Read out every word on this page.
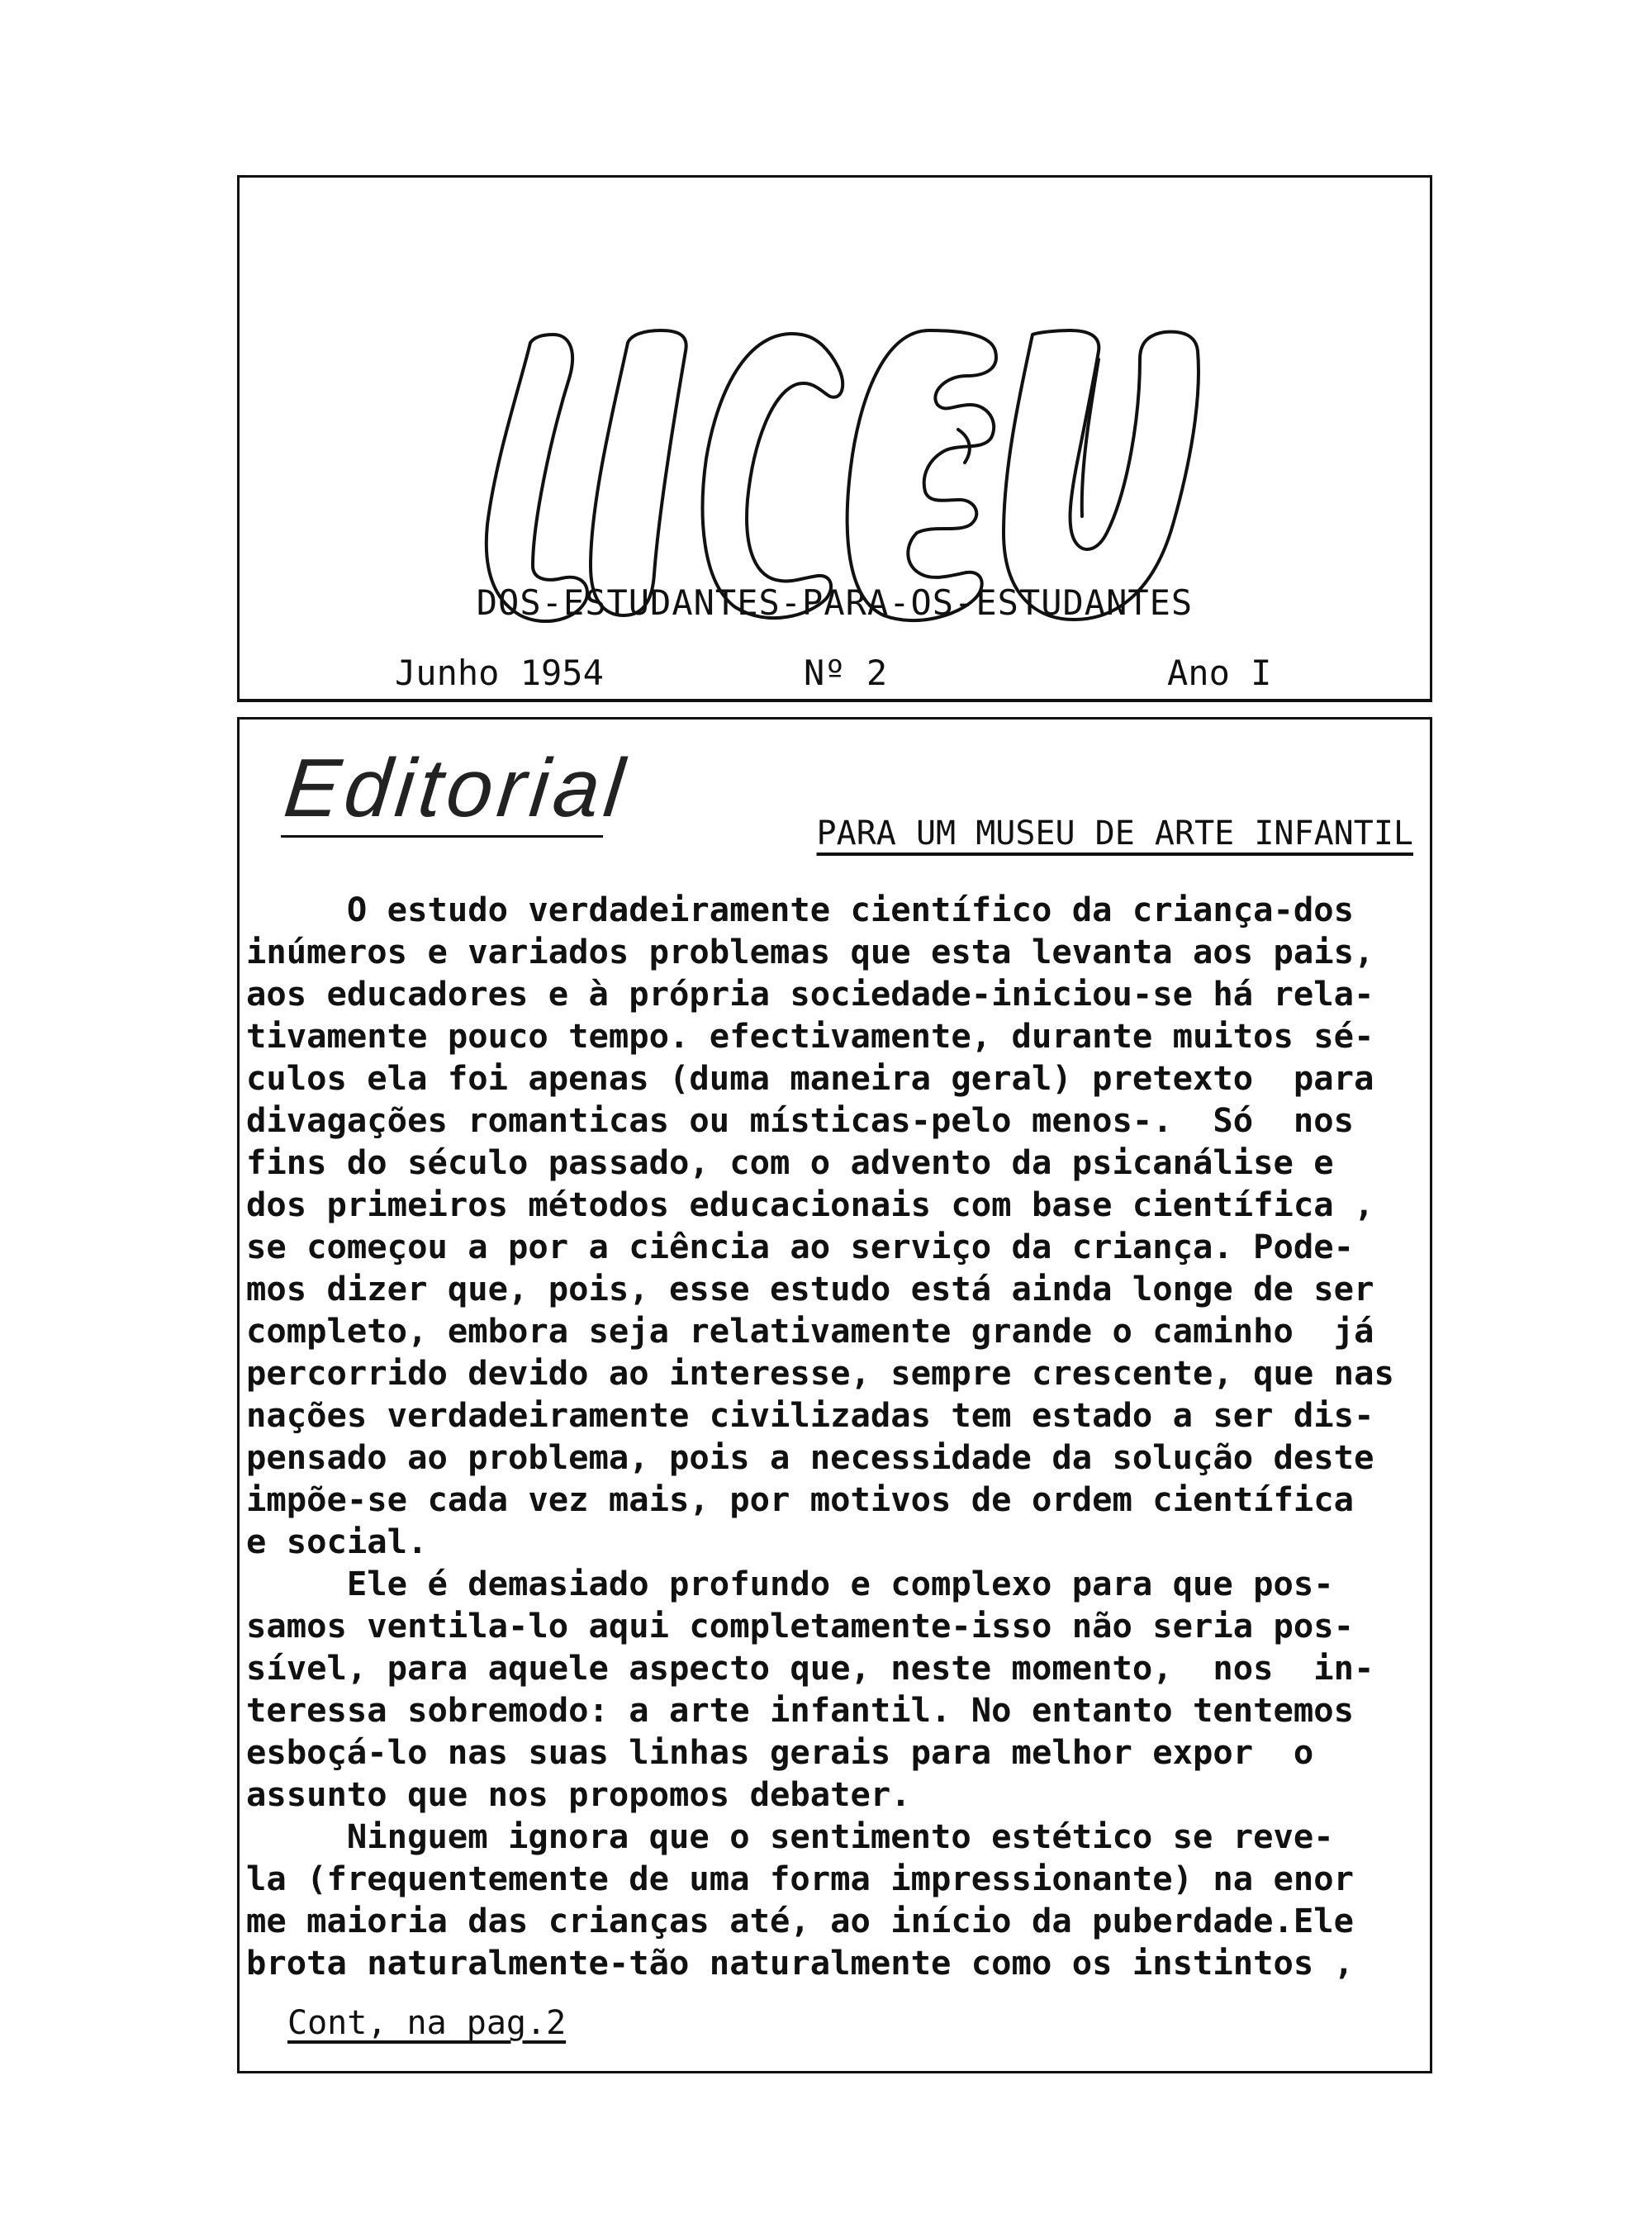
DOS-ESTUDANTES-PARA-OS-ESTUDANTES
Junho 1954	Nº 2	Ano I
Editorial	PARA UM MUSEU DE ARTE INFANTIL
O estudo verdadeiramente científico da criança-dos
inúmeros e variados problemas que esta levanta aos pais,
aos educadores e à própria sociedade-iniciou-se há rela-
tivamente pouco tempo. efectivamente, durante muitos sé-
culos ela foi apenas (duma maneira geral) pretexto  para
divagações romanticas ou místicas-pelo menos-.  Só  nos
fins do século passado, com o advento da psicanálise e
dos primeiros métodos educacionais com base científica ,
se começou a por a ciência ao serviço da criança. Pode-
mos dizer que, pois, esse estudo está ainda longe de ser
completo, embora seja relativamente grande o caminho  já
percorrido devido ao interesse, sempre crescente, que nas
nações verdadeiramente civilizadas tem estado a ser dis-
pensado ao problema, pois a necessidade da solução deste
impõe-se cada vez mais, por motivos de ordem científica
e social.
Ele é demasiado profundo e complexo para que pos-
samos ventila-lo aqui completamente-isso não seria pos-
sível, para aquele aspecto que, neste momento,  nos  in-
teressa sobremodo: a arte infantil. No entanto tentemos
esboçá-lo nas suas linhas gerais para melhor expor  o
assunto que nos propomos debater.
Ninguem ignora que o sentimento estético se reve-
la (frequentemente de uma forma impressionante) na enor
me maioria das crianças até, ao início da puberdade.Ele
brota naturalmente-tão naturalmente como os instintos ,
Cont, na pag.2
